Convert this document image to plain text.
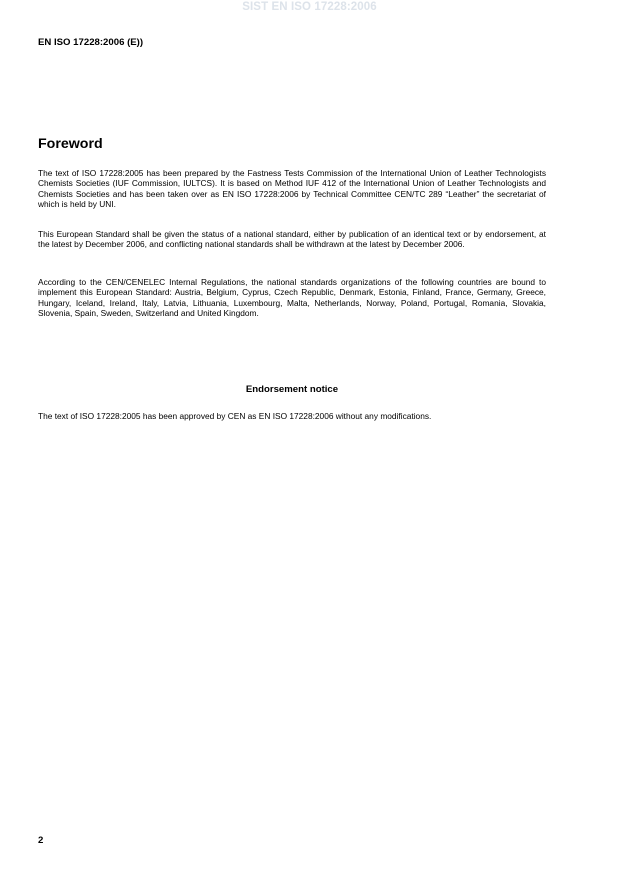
SIST EN ISO 17228:2006
EN ISO 17228:2006 (E))
Foreword

The text of ISO 17228:2005 has been prepared by the Fastness Tests Commission of the International Union of Leather Technologists Chemists Societies (IUF Commission, IULTCS). It is based on Method IUF 412 of the International Union of Leather Technologists and Chemists Societies and has been taken over as EN ISO 17228:2006 by Technical Committee CEN/TC 289 “Leather” the secretariat of which is held by UNI.

This European Standard shall be given the status of a national standard, either by publication of an identical text or by endorsement, at the latest by December 2006, and conflicting national standards shall be withdrawn at the latest by December 2006.

According to the CEN/CENELEC Internal Regulations, the national standards organizations of the following countries are bound to implement this European Standard: Austria, Belgium, Cyprus, Czech Republic, Denmark, Estonia, Finland, France, Germany, Greece, Hungary, Iceland, Ireland, Italy, Latvia, Lithuania, Luxembourg, Malta, Netherlands, Norway, Poland, Portugal, Romania, Slovakia, Slovenia, Spain, Sweden, Switzerland and United Kingdom.

Endorsement notice

The text of ISO 17228:2005 has been approved by CEN as EN ISO 17228:2006 without any modifications.

2
